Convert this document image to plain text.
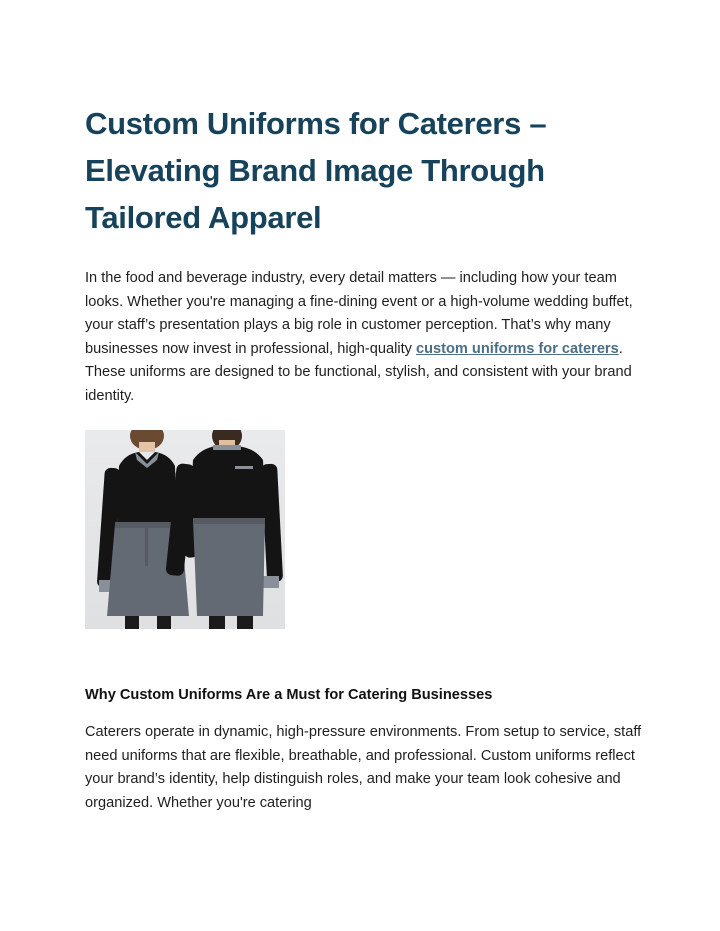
Custom Uniforms for Caterers – Elevating Brand Image Through Tailored Apparel

In the food and beverage industry, every detail matters — including how your team looks. Whether you're managing a fine-dining event or a high-volume wedding buffet, your staff’s presentation plays a big role in customer perception. That’s why many businesses now invest in professional, high-quality custom uniforms for caterers. These uniforms are designed to be functional, stylish, and consistent with your brand identity.

Why Custom Uniforms Are a Must for Catering Businesses

Caterers operate in dynamic, high-pressure environments. From setup to service, staff need uniforms that are flexible, breathable, and professional. Custom uniforms reflect your brand’s identity, help distinguish roles, and make your team look cohesive and organized. Whether you're catering
